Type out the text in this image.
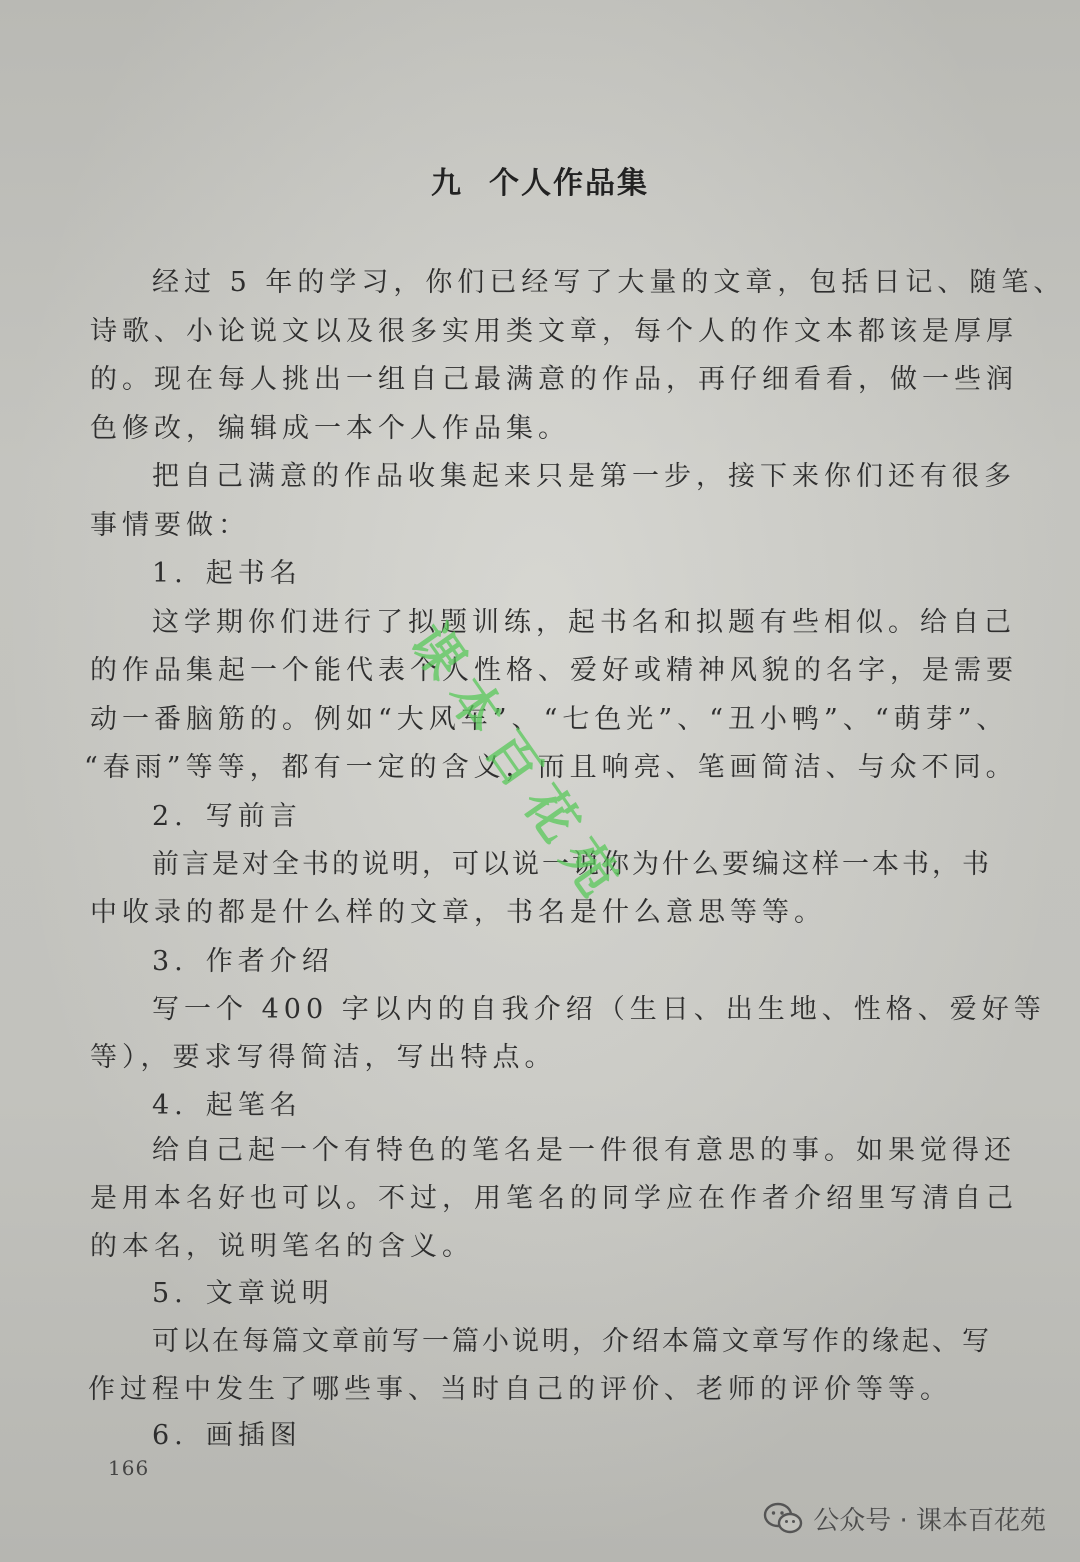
九 个人作品集
经过 5 年的学习，你们已经写了大量的文章，包括日记、随笔、
诗歌、小论说文以及很多实用类文章，每个人的作文本都该是厚厚
的。现在每人挑出一组自己最满意的作品，再仔细看看，做一些润
色修改，编辑成一本个人作品集。
把自己满意的作品收集起来只是第一步，接下来你们还有很多
事情要做：
1. 起书名
这学期你们进行了拟题训练，起书名和拟题有些相似。给自己
的作品集起一个能代表个人性格、爱好或精神风貌的名字，是需要
动一番脑筋的。例如“大风车”、“七色光”、“丑小鸭”、“萌芽”、
“春雨”等等，都有一定的含义，而且响亮、笔画简洁、与众不同。
2. 写前言
前言是对全书的说明，可以说一说你为什么要编这样一本书，书
中收录的都是什么样的文章，书名是什么意思等等。
3. 作者介绍
写一个 400 字以内的自我介绍（生日、出生地、性格、爱好等
等），要求写得简洁，写出特点。
4. 起笔名
给自己起一个有特色的笔名是一件很有意思的事。如果觉得还
是用本名好也可以。不过，用笔名的同学应在作者介绍里写清自己
的本名，说明笔名的含义。
5. 文章说明
可以在每篇文章前写一篇小说明，介绍本篇文章写作的缘起、写
作过程中发生了哪些事、当时自己的评价、老师的评价等等。
6. 画插图
166
课本百花苑
公众号 · 课本百花苑
